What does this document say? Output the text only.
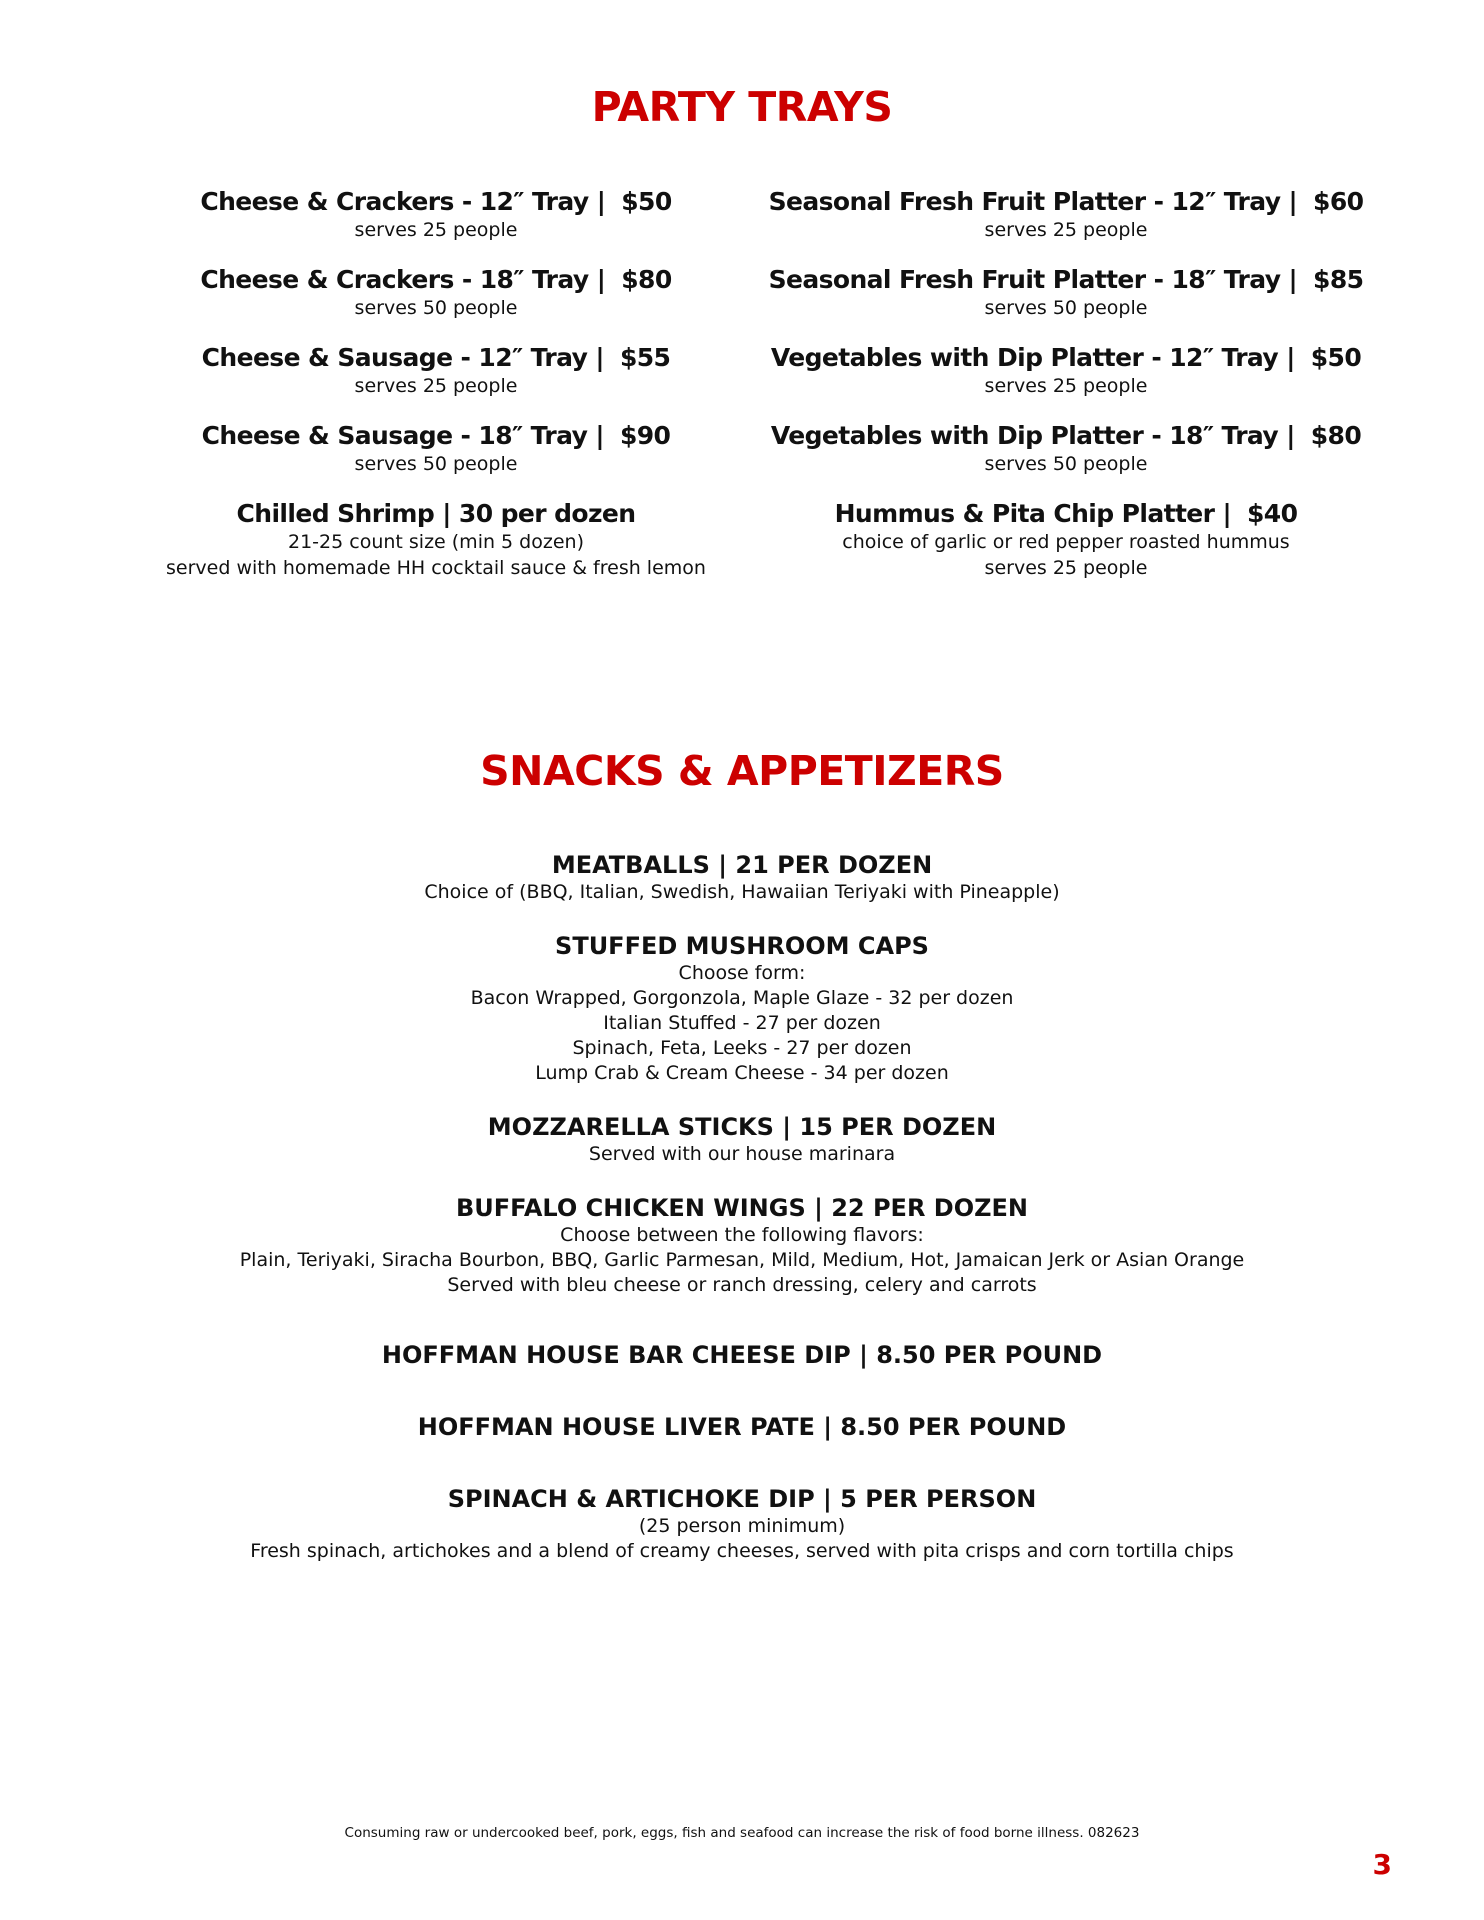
PARTY TRAYS
Cheese & Crackers - 12″ Tray | $50
serves 25 people
Cheese & Crackers - 18″ Tray | $80
serves 50 people
Cheese & Sausage - 12″ Tray | $55
serves 25 people
Cheese & Sausage - 18″ Tray | $90
serves 50 people
Chilled Shrimp | 30 per dozen
21-25 count size (min 5 dozen)
served with homemade HH cocktail sauce & fresh lemon
Seasonal Fresh Fruit Platter - 12″ Tray | $60
serves 25 people
Seasonal Fresh Fruit Platter - 18″ Tray | $85
serves 50 people
Vegetables with Dip Platter - 12″ Tray | $50
serves 25 people
Vegetables with Dip Platter - 18″ Tray | $80
serves 50 people
Hummus & Pita Chip Platter | $40
choice of garlic or red pepper roasted hummus
serves 25 people
SNACKS & APPETIZERS
MEATBALLS | 21 PER DOZEN
Choice of (BBQ, Italian, Swedish, Hawaiian Teriyaki with Pineapple)
STUFFED MUSHROOM CAPS
Choose form:
Bacon Wrapped, Gorgonzola, Maple Glaze - 32 per dozen
Italian Stuffed - 27 per dozen
Spinach, Feta, Leeks - 27 per dozen
Lump Crab & Cream Cheese - 34 per dozen
MOZZARELLA STICKS | 15 PER DOZEN
Served with our house marinara
BUFFALO CHICKEN WINGS | 22 PER DOZEN
Choose between the following flavors:
Plain, Teriyaki, Siracha Bourbon, BBQ, Garlic Parmesan, Mild, Medium, Hot, Jamaican Jerk or Asian Orange
Served with bleu cheese or ranch dressing, celery and carrots
HOFFMAN HOUSE BAR CHEESE DIP | 8.50 PER POUND
HOFFMAN HOUSE LIVER PATE | 8.50 PER POUND
SPINACH & ARTICHOKE DIP | 5 PER PERSON
(25 person minimum)
Fresh spinach, artichokes and a blend of creamy cheeses, served with pita crisps and corn tortilla chips
Consuming raw or undercooked beef, pork, eggs, fish and seafood can increase the risk of food borne illness. 082623
3
